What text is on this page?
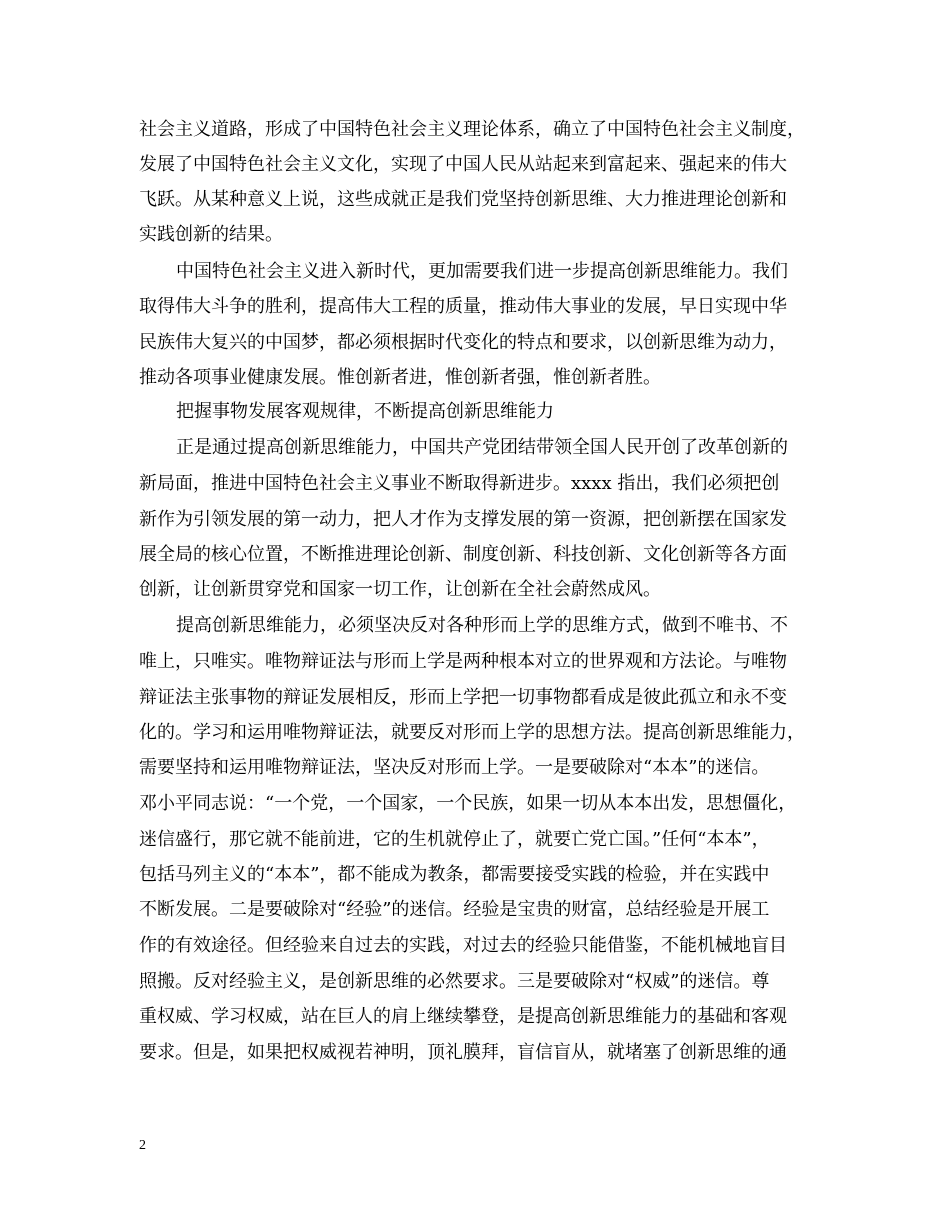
社会主义道路，形成了中国特色社会主义理论体系，确立了中国特色社会主义制度，
发展了中国特色社会主义文化，实现了中国人民从站起来到富起来、强起来的伟大
飞跃。从某种意义上说，这些成就正是我们党坚持创新思维、大力推进理论创新和
实践创新的结果。
中国特色社会主义进入新时代，更加需要我们进一步提高创新思维能力。我们
取得伟大斗争的胜利，提高伟大工程的质量，推动伟大事业的发展，早日实现中华
民族伟大复兴的中国梦，都必须根据时代变化的特点和要求，以创新思维为动力，
推动各项事业健康发展。惟创新者进，惟创新者强，惟创新者胜。
把握事物发展客观规律，不断提高创新思维能力
正是通过提高创新思维能力，中国共产党团结带领全国人民开创了改革创新的
新局面，推进中国特色社会主义事业不断取得新进步。xxxx 指出，我们必须把创
新作为引领发展的第一动力，把人才作为支撑发展的第一资源，把创新摆在国家发
展全局的核心位置，不断推进理论创新、制度创新、科技创新、文化创新等各方面
创新，让创新贯穿党和国家一切工作，让创新在全社会蔚然成风。
提高创新思维能力，必须坚决反对各种形而上学的思维方式，做到不唯书、不
唯上，只唯实。唯物辩证法与形而上学是两种根本对立的世界观和方法论。与唯物
辩证法主张事物的辩证发展相反，形而上学把一切事物都看成是彼此孤立和永不变
化的。学习和运用唯物辩证法，就要反对形而上学的思想方法。提高创新思维能力，
需要坚持和运用唯物辩证法，坚决反对形而上学。一是要破除对“本本”的迷信。
邓小平同志说：“一个党，一个国家，一个民族，如果一切从本本出发，思想僵化，
迷信盛行，那它就不能前进，它的生机就停止了，就要亡党亡国。”任何“本本”，
包括马列主义的“本本”，都不能成为教条，都需要接受实践的检验，并在实践中
不断发展。二是要破除对“经验”的迷信。经验是宝贵的财富，总结经验是开展工
作的有效途径。但经验来自过去的实践，对过去的经验只能借鉴，不能机械地盲目
照搬。反对经验主义，是创新思维的必然要求。三是要破除对“权威”的迷信。尊
重权威、学习权威，站在巨人的肩上继续攀登，是提高创新思维能力的基础和客观
要求。但是，如果把权威视若神明，顶礼膜拜，盲信盲从，就堵塞了创新思维的通
2
